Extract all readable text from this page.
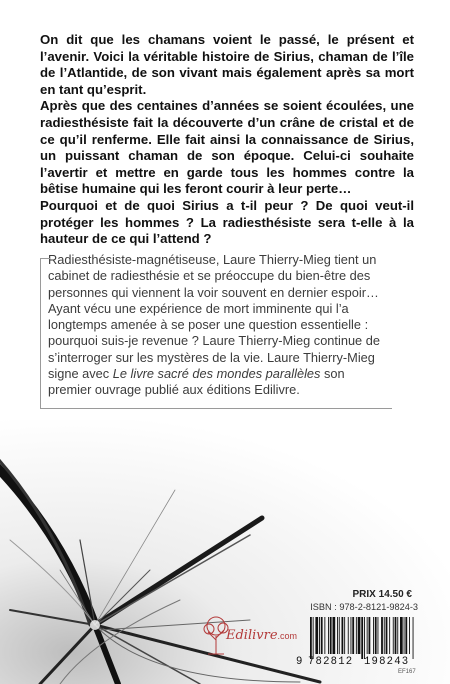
On dit que les chamans voient le passé, le présent et l’avenir. Voici la véritable histoire de Sirius, chaman de l’île de l’Atlantide, de son vivant mais également après sa mort en tant qu’esprit.

Après que des centaines d’années se soient écoulées, une radiesthésiste fait la découverte d’un crâne de cristal et de ce qu’il renferme. Elle fait ainsi la connaissance de Sirius, un puissant chaman de son époque. Celui-ci souhaite l’avertir et mettre en garde tous les hommes contre la bêtise humaine qui les feront courir à leur perte…

Pourquoi et de quoi Sirius a t-il peur ? De quoi veut-il protéger les hommes ? La radiesthésiste sera t-elle à la hauteur de ce qui l’attend ?

Radiesthésiste-magnétiseuse, Laure Thierry-Mieg tient un cabinet de radiesthésie et se préoccupe du bien-être des personnes qui viennent la voir souvent en dernier espoir… Ayant vécu une expérience de mort imminente qui l’a longtemps amenée à se poser une question essentielle : pourquoi suis-je revenue ? Laure Thierry-Mieg continue de s’interroger sur les mystères de la vie. Laure Thierry-Mieg signe avec Le livre sacré des mondes parallèles son premier ouvrage publié aux éditions Edilivre.
Edilivre.com
PRIX 14.50 €
ISBN : 978-2-8121-9824-3
9 782812 198243
EF167
